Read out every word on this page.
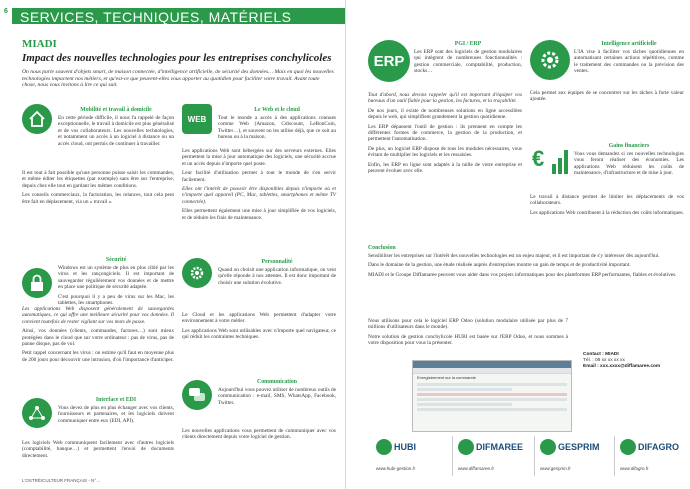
6 SERVICES, TECHNIQUES, MATÉRIELS
MIADI
Impact des nouvelles technologies pour les entreprises conchylicoles
On nous parle souvent d'objets smart, de maison connectée, d'intelligence artificielle, de sécurité des données… Mais en quoi les nouvelles technologies impactent nos métiers, et qu'est-ce que peuvent-elles vous apporter au quotidien pour faciliter votre travail. Avant toute chose, nous vous invitons à lire ce qui suit.
WEB
Mobilité et travail à domicile

En cette période difficile, il nous l'a rappelé de façon exceptionnelle, le travail à domicile est plus généralisé et de vos collaborateurs. Les nouvelles technologies, et notamment un accès à un logiciel à distance ou un accès cloud, ont permis de continuer à travailler.

Il est tout à fait possible qu'une personne puisse saisir les commandes, et même éditer les étiquettes (par exemple) sans être sur l'entreprise, depuis chez elle tout en gardant les mêmes conditions.

Les conseils commerciaux, la facturation, les relances, tout cela peut être fait en déplacement, via un « travail ».

Sécurité

Windows est un système de plus en plus ciblé par les virus et les rançongiciels. Il est important de sauvegarder régulièrement vos données et de mettre en place une politique de sécurité adaptée.

C'est pourquoi il y a peu de virus sur les Mac, les tablettes, les smartphones.

Les applications Web disposent généralement de sauvegardes automatiques, ce qui offre une meilleure sécurité pour vos données. Il convient toutefois de rester vigilant sur vos mots de passe.

Ainsi, vos données (clients, commandes, factures…) sont mieux protégées dans le cloud que sur votre ordinateur : pas de virus, pas de panne disque, pas de vol.

Petit rappel concernant les virus : on estime qu'il faut en moyenne plus de 200 jours pour découvrir une intrusion, d'où l'importance d'anticiper.

Interface et EDI

Vous devez de plus en plus échanger avec vos clients, fournisseurs et partenaires, et les logiciels doivent communiquer entre eux (EDI, API).

Les logiciels Web communiquent facilement avec d'autres logiciels (comptabilité, banque…) et permettent l'envoi de documents directement.

Le Web et le cloud

Tout le monde a accès à des applications connues comme Web (Amazon, Cdiscount, LeBonCoin, Twitter…), et souvent on les utilise déjà, que ce soit au bureau ou à la maison.

Les applications Web sont hébergées sur des serveurs externes. Elles permettent la mise à jour automatique des logiciels, une sécurité accrue et un accès depuis n'importe quel poste.

Leur facilité d'utilisation permet à tout le monde de s'en servir facilement.

Elles ont l'intérêt de pouvoir être disponibles depuis n'importe où et n'importe quel appareil (PC, Mac, tablettes, smartphones et même TV connectée).

Elles permettent également une mise à jour simplifiée de vos logiciels, et de réduire les frais de maintenance.

Personnalité

Quand on choisit une application informatique, on veut qu'elle réponde à nos attentes. Il est donc important de choisir une solution évolutive.

Le Cloud et les applications Web permettent d'adapter votre environnement à votre métier.

Les applications Web sont utilisables avec n'importe quel navigateur, ce qui réduit les contraintes techniques.

Communication

Aujourd'hui vous pouvez utiliser de nombreux outils de communication : e-mail, SMS, WhatsApp, Facebook, Twitter.

Les nouvelles applications vous permettent de communiquer avec vos clients directement depuis votre logiciel de gestion.

L'OSTRÉICULTEUR FRANÇAIS - N°…
ERP
€
PGI / ERP

Les ERP sont des logiciels de gestion modulaires qui intègrent de nombreuses fonctionnalités : gestion commerciale, comptabilité, production, stocks…

Tout d'abord, nous devons rappeler qu'il est important d'équiper vos bureaux d'un outil fiable pour la gestion, les factures, et la traçabilité.

De nos jours, il existe de nombreuses solutions en ligne accessibles depuis le web, qui simplifient grandement la gestion quotidienne.

Les ERP dépassent l'outil de gestion : ils prennent en compte les différentes formes de commerce, la gestion de la production, et permettent l'automatisation.

De plus, un logiciel ERP dispose de tous les modules nécessaires, vous évitant de multiplier les logiciels et les ressaisies.

Enfin, les ERP en ligne sont adaptés à la taille de votre entreprise et peuvent évoluer avec elle.

Intelligence artificielle

L'IA vise à faciliter vos tâches quotidiennes en automatisant certaines actions répétitives, comme le traitement des commandes ou la prévision des ventes.

Cela permet aux équipes de se concentrer sur les tâches à forte valeur ajoutée.

Gains financiers

Vous vous demandez si ces nouvelles technologies vous feront réaliser des économies. Les applications Web réduisent les coûts de maintenance, d'infrastructure et de mise à jour.

Le travail à distance permet de limiter les déplacements de vos collaborateurs.

Les applications Web contribuent à la réduction des coûts informatiques.

Conclusion

Sensibiliser les entreprises sur l'intérêt des nouvelles technologies est un enjeu majeur, et il est important de s'y intéresser dès aujourd'hui.

Dans le domaine de la gestion, une étude réalisée auprès d'entreprises montre un gain de temps et de productivité important.

MIADI et le Groupe Diffamaree peuvent vous aider dans vos projets informatiques pour des plateformes ERP performantes, fiables et évolutives.

Nous utilisons pour cela le logiciel ERP Odoo (solution modulaire utilisée par plus de 7 millions d'utilisateurs dans le monde).

Notre solution de gestion conchylicole HUBI est basée sur l'ERP Odoo, et nous sommes à votre disposition pour vous la présenter.

Enregistrement sur la commande
Contact : MIADI
Tél. : 06 xx xx xx xx
Email : xxx.xxxx@diffamaree.com
HUBI
www.hubi-gestion.fr
DIFMAREE
www.diffamaree.fr
GESPRIM
www.gesprim.fr
DIFAGRO
www.difagro.fr
